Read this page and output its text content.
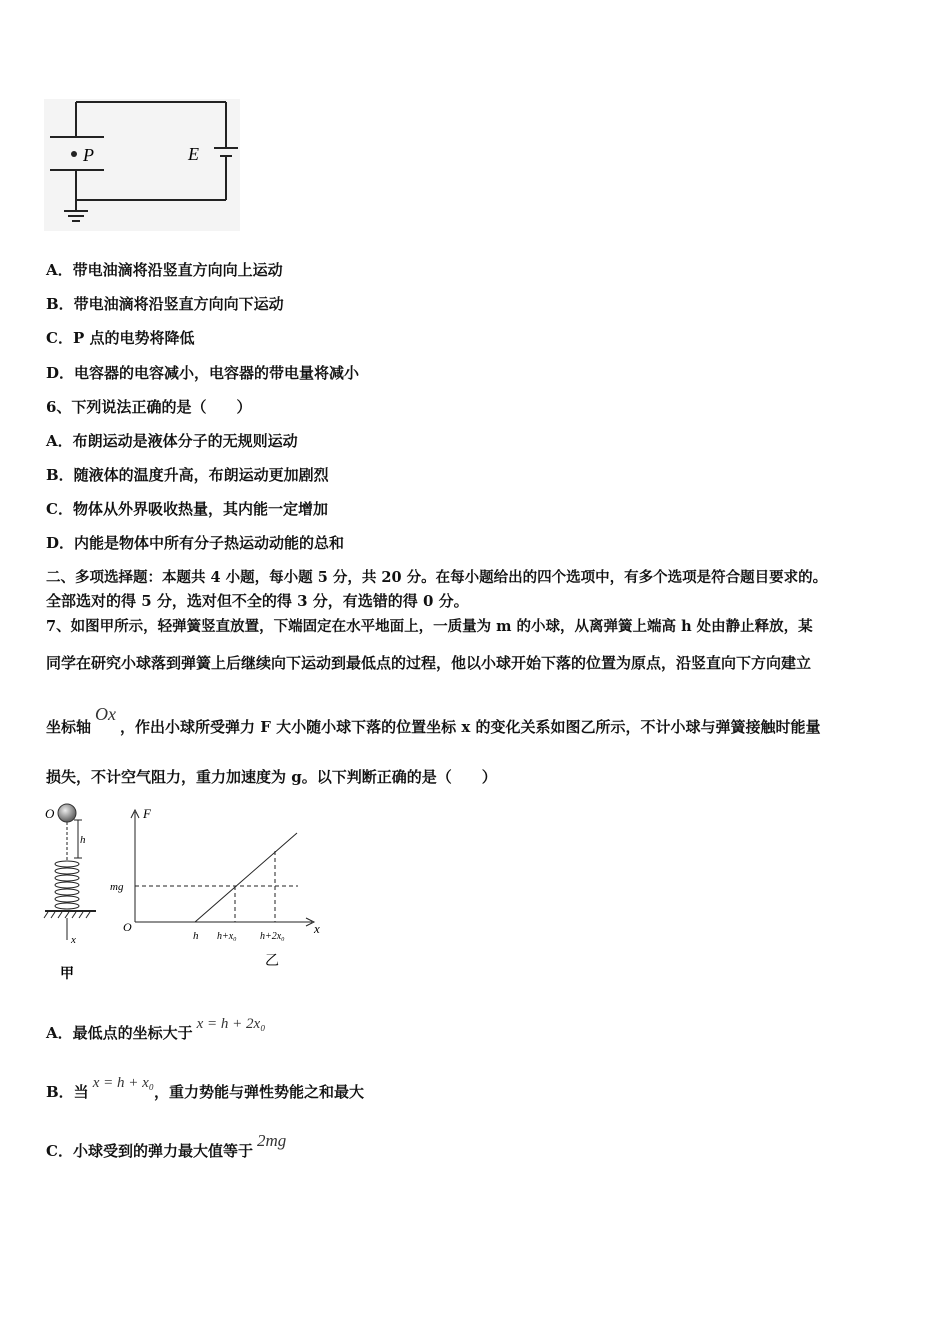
P	E
A．带电油滴将沿竖直方向向上运动
B．带电油滴将沿竖直方向向下运动
C．P 点的电势将降低
D．电容器的电容减小，电容器的带电量将减小
6、下列说法正确的是（　　）
A．布朗运动是液体分子的无规则运动
B．随液体的温度升高，布朗运动更加剧烈
C．物体从外界吸收热量，其内能一定增加
D．内能是物体中所有分子热运动动能的总和
二、多项选择题：本题共 4 小题，每小题 5 分，共 20 分。在每小题给出的四个选项中，有多个选项是符合题目要求的。
全部选对的得 5 分，选对但不全的得 3 分，有选错的得 0 分。
7、如图甲所示，轻弹簧竖直放置，下端固定在水平地面上，一质量为 m 的小球，从离弹簧上端高 h 处由静止释放，某
同学在研究小球落到弹簧上后继续向下运动到最低点的过程，他以小球开始下落的位置为原点，沿竖直向下方向建立
坐标轴Ox，作出小球所受弹力 F 大小随小球下落的位置坐标 x 的变化关系如图乙所示，不计小球与弹簧接触时能量
损失，不计空气阻力，重力加速度为 g。以下判断正确的是（　　）
O
h
x
甲
F
x
O
mg
h h+x₀ h+2x₀
乙
A．最低点的坐标大于 x = h + 2x₀
B．当 x = h + x₀，重力势能与弹性势能之和最大
C．小球受到的弹力最大值等于2mg
